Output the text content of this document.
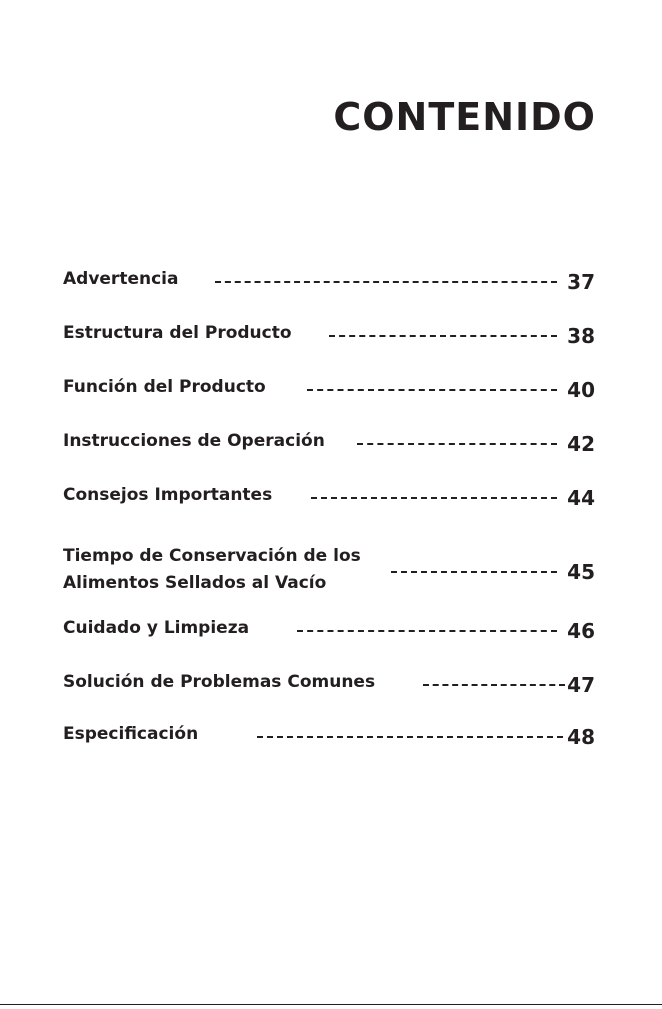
CONTENIDO
Advertencia	37
Estructura del Producto	38
Función del Producto	40
Instrucciones de Operación	42
Consejos Importantes	44
Tiempo de Conservación de los Alimentos Sellados al Vacío	45
Cuidado y Limpieza	46
Solución de Problemas Comunes	47
Especificación	48
